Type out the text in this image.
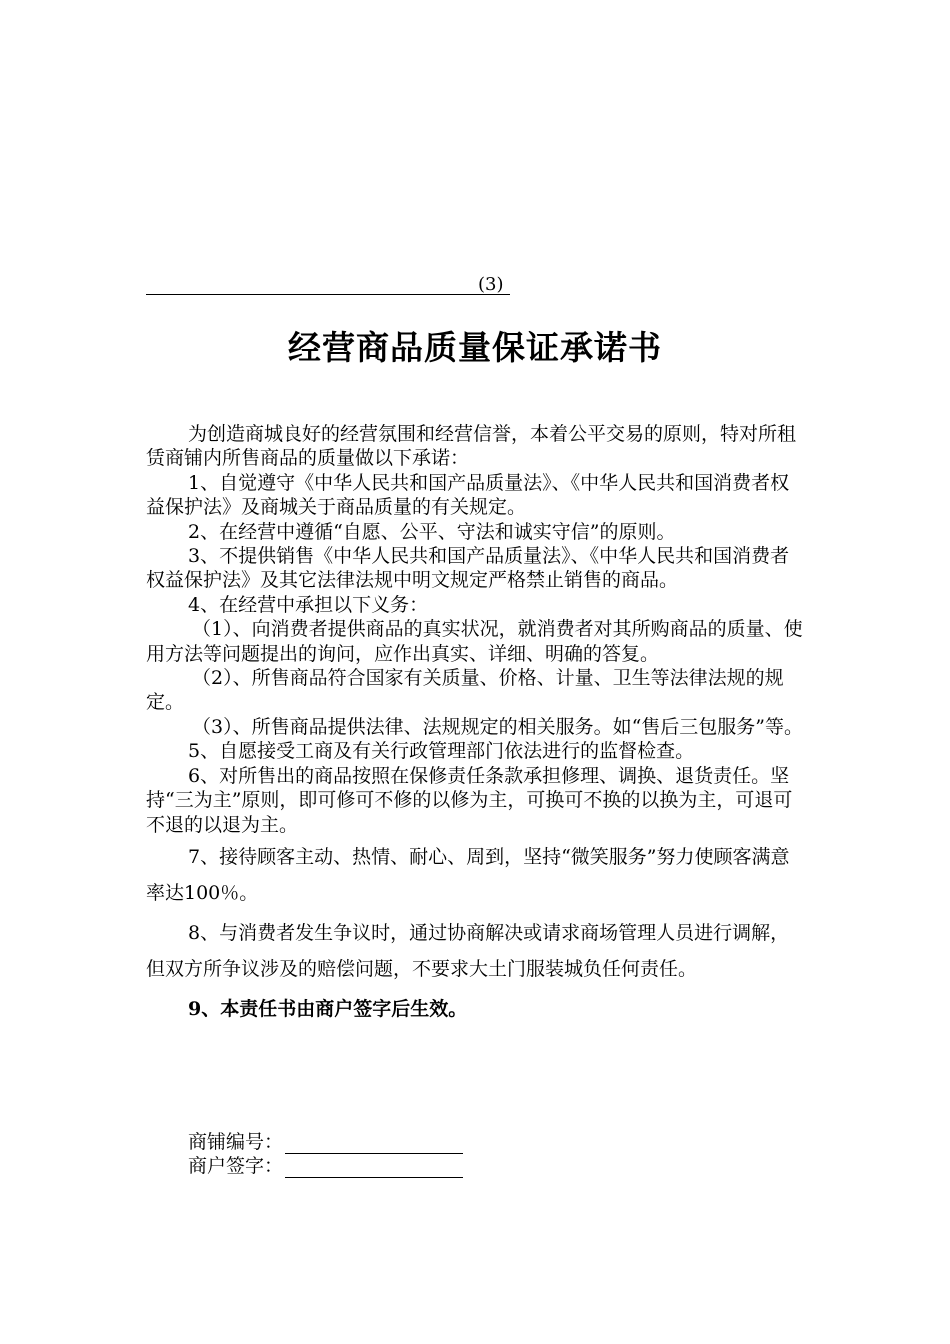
(3)
经营商品质量保证承诺书

为创造商城良好的经营氛围和经营信誉，本着公平交易的原则，特对所租赁商铺内所售商品的质量做以下承诺：

1、自觉遵守《中华人民共和国产品质量法》、《中华人民共和国消费者权益保护法》及商城关于商品质量的有关规定。

2、在经营中遵循“自愿、公平、守法和诚实守信”的原则。

3、不提供销售《中华人民共和国产品质量法》、《中华人民共和国消费者权益保护法》及其它法律法规中明文规定严格禁止销售的商品。

4、在经营中承担以下义务：

（1）、向消费者提供商品的真实状况，就消费者对其所购商品的质量、使用方法等问题提出的询问，应作出真实、详细、明确的答复。

（2）、所售商品符合国家有关质量、价格、计量、卫生等法律法规的规定。

（3）、所售商品提供法律、法规规定的相关服务。如“售后三包服务”等。

5、自愿接受工商及有关行政管理部门依法进行的监督检查。

6、对所售出的商品按照在保修责任条款承担修理、调换、退货责任。坚持“三为主”原则，即可修可不修的以修为主，可换可不换的以换为主，可退可不退的以退为主。

7、接待顾客主动、热情、耐心、周到，坚持“微笑服务”努力使顾客满意率达100％。

8、与消费者发生争议时，通过协商解决或请求商场管理人员进行调解，但双方所争议涉及的赔偿问题，不要求大土门服装城负任何责任。

9、本责任书由商户签字后生效。

商铺编号：
商户签字：
